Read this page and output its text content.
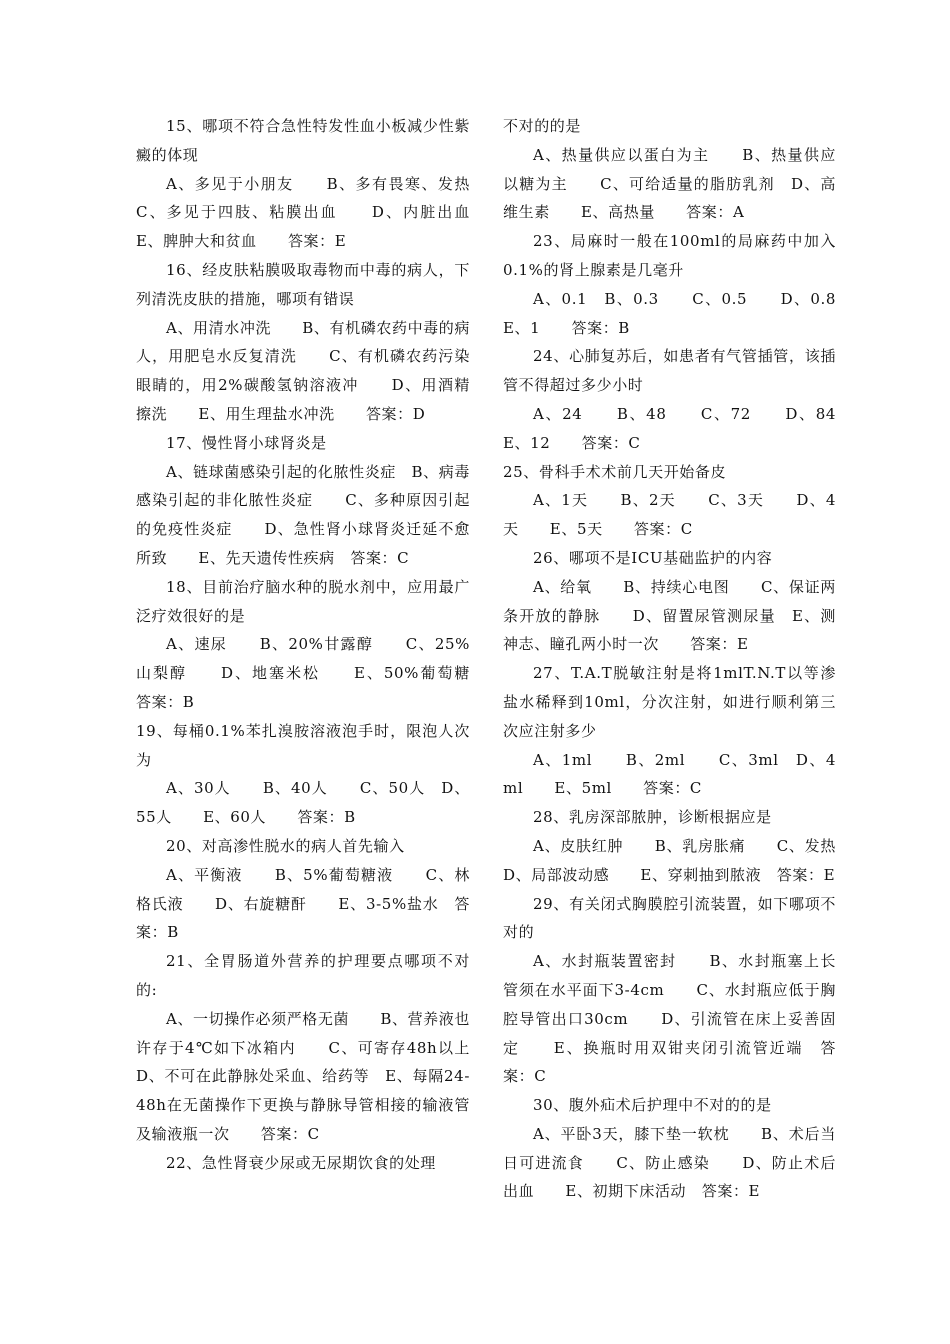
15、哪项不符合急性特发性血小板减少性紫癜的体现

A、多见于小朋友　　B、多有畏寒、发热　　C、多见于四肢、粘膜出血　　D、内脏出血　　E、脾肿大和贫血　　答案：E

16、经皮肤粘膜吸取毒物而中毒的病人，下列清洗皮肤的措施，哪项有错误

A、用清水冲洗　　B、有机磷农药中毒的病人，用肥皂水反复清洗　　C、有机磷农药污染眼睛的，用2%碳酸氢钠溶液冲　　D、用酒精擦洗　　E、用生理盐水冲洗　　答案：D

17、慢性肾小球肾炎是

A、链球菌感染引起的化脓性炎症　B、病毒感染引起的非化脓性炎症　　C、多种原因引起的免疫性炎症　　D、急性肾小球肾炎迁延不愈所致　　E、先天遗传性疾病　答案：C

18、目前治疗脑水种的脱水剂中，应用最广泛疗效很好的是

A、速尿　　B、20%甘露醇　　C、25%山梨醇　　D、地塞米松　　E、50%葡萄糖　答案：B

19、每桶0.1%苯扎溴胺溶液泡手时，限泡人次为

A、30人　　B、40人　　C、50人　D、55人　　E、60人　　答案：B

20、对高渗性脱水的病人首先输入

A、平衡液　　B、5%葡萄糖液　　C、林格氏液　　D、右旋糖酐　　E、3-5%盐水　答案：B

21、全胃肠道外营养的护理要点哪项不对的:

A、一切操作必须严格无菌　　B、营养液也许存于4℃如下冰箱内　　C、可寄存48h以上　　D、不可在此静脉处采血、给药等　E、每隔24-48h在无菌操作下更换与静脉导管相接的输液管及输液瓶一次　　答案：C

22、急性肾衰少尿或无尿期饮食的处理

不对的的是

A、热量供应以蛋白为主　　B、热量供应以糖为主　　C、可给适量的脂肪乳剂　D、高维生素　　E、高热量　　答案：A

23、局麻时一般在100ml的局麻药中加入0.1%的肾上腺素是几毫升

A、0.1　B、0.3　　C、0.5　　D、0.8　E、1　　答案：B

24、心肺复苏后，如患者有气管插管，该插管不得超过多少小时

A、24　　B、48　　C、72　　D、84　E、12　　答案：C

25、骨科手术术前几天开始备皮

A、1天　　B、2天　　C、3天　　D、4天　　E、5天　　答案：C

26、哪项不是ICU基础监护的内容

A、给氧　　B、持续心电图　　C、保证两条开放的静脉　　D、留置尿管测尿量　E、测神志、瞳孔两小时一次　　答案：E

27、T.A.T脱敏注射是将1mlT.N.T以等渗盐水稀释到10ml，分次注射，如进行顺利第三次应注射多少

A、1ml　　B、2ml　　C、3ml　D、4ml　　E、5ml　　答案：C

28、乳房深部脓肿，诊断根据应是

A、皮肤红肿　　B、乳房胀痛　　C、发热　　D、局部波动感　　E、穿刺抽到脓液　答案：E

29、有关闭式胸膜腔引流装置，如下哪项不对的

A、水封瓶装置密封　　B、水封瓶塞上长管须在水平面下3-4cm　　C、水封瓶应低于胸腔导管出口30cm　　D、引流管在床上妥善固定　　E、换瓶时用双钳夹闭引流管近端　答案：C

30、腹外疝术后护理中不对的的是

A、平卧3天，膝下垫一软枕　　B、术后当日可进流食　　C、防止感染　　D、防止术后出血　　E、初期下床活动　答案：E
